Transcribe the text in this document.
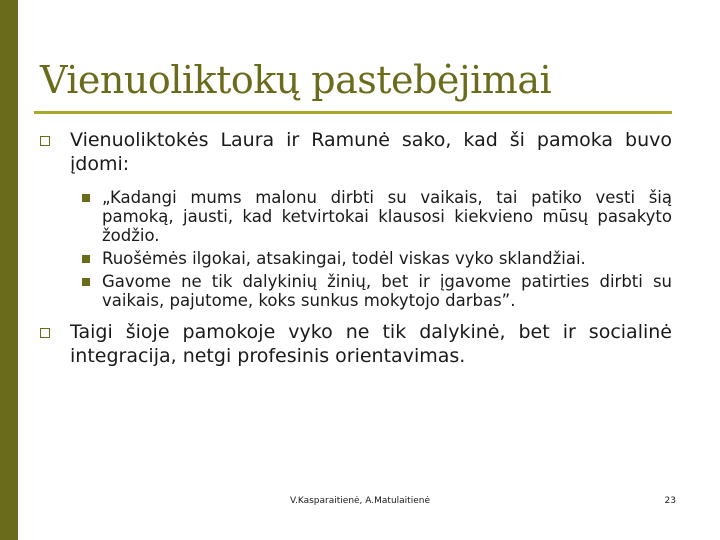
Vienuoliktokų pastebėjimai
Vienuoliktokės Laura ir Ramunė sako, kad ši pamoka buvo įdomi:
„Kadangi mums malonu dirbti su vaikais, tai patiko vesti šią pamoką, jausti, kad ketvirtokai klausosi kiekvieno mūsų pasakyto žodžio.
Ruošėmės ilgokai, atsakingai, todėl viskas vyko sklandžiai.
Gavome ne tik dalykinių žinių, bet ir įgavome patirties dirbti su vaikais, pajutome, koks sunkus mokytojo darbas”.
Taigi šioje pamokoje vyko ne tik dalykinė, bet ir socialinė integracija, netgi profesinis orientavimas.
V.Kasparaitienė, A.Matulaitienė	23
